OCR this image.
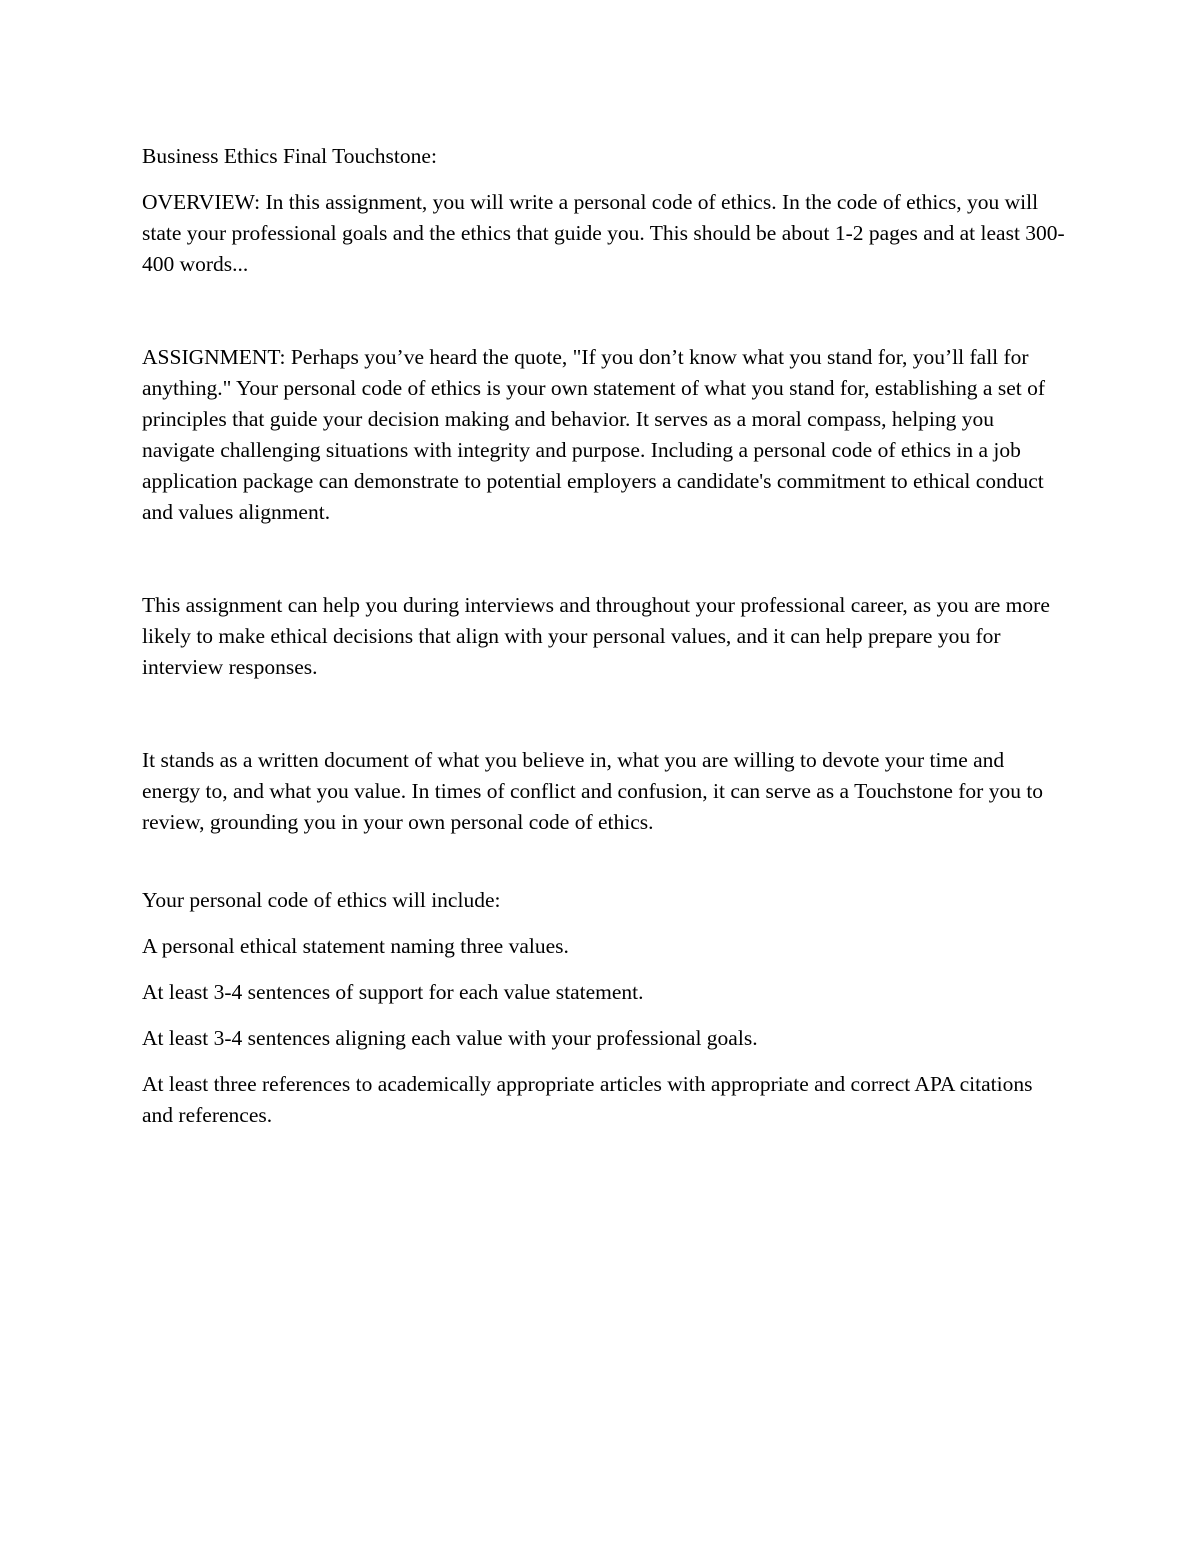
Business Ethics Final Touchstone:

OVERVIEW: In this assignment, you will write a personal code of ethics. In the code of ethics, you will state your professional goals and the ethics that guide you. This should be about 1-2 pages and at least 300-400 words...

ASSIGNMENT: Perhaps you’ve heard the quote, "If you don’t know what you stand for, you’ll fall for anything." Your personal code of ethics is your own statement of what you stand for, establishing a set of principles that guide your decision making and behavior. It serves as a moral compass, helping you navigate challenging situations with integrity and purpose. Including a personal code of ethics in a job application package can demonstrate to potential employers a candidate's commitment to ethical conduct and values alignment.

This assignment can help you during interviews and throughout your professional career, as you are more likely to make ethical decisions that align with your personal values, and it can help prepare you for interview responses.

It stands as a written document of what you believe in, what you are willing to devote your time and energy to, and what you value. In times of conflict and confusion, it can serve as a Touchstone for you to review, grounding you in your own personal code of ethics.

Your personal code of ethics will include:

A personal ethical statement naming three values.

At least 3-4 sentences of support for each value statement.

At least 3-4 sentences aligning each value with your professional goals.

At least three references to academically appropriate articles with appropriate and correct APA citations and references.
